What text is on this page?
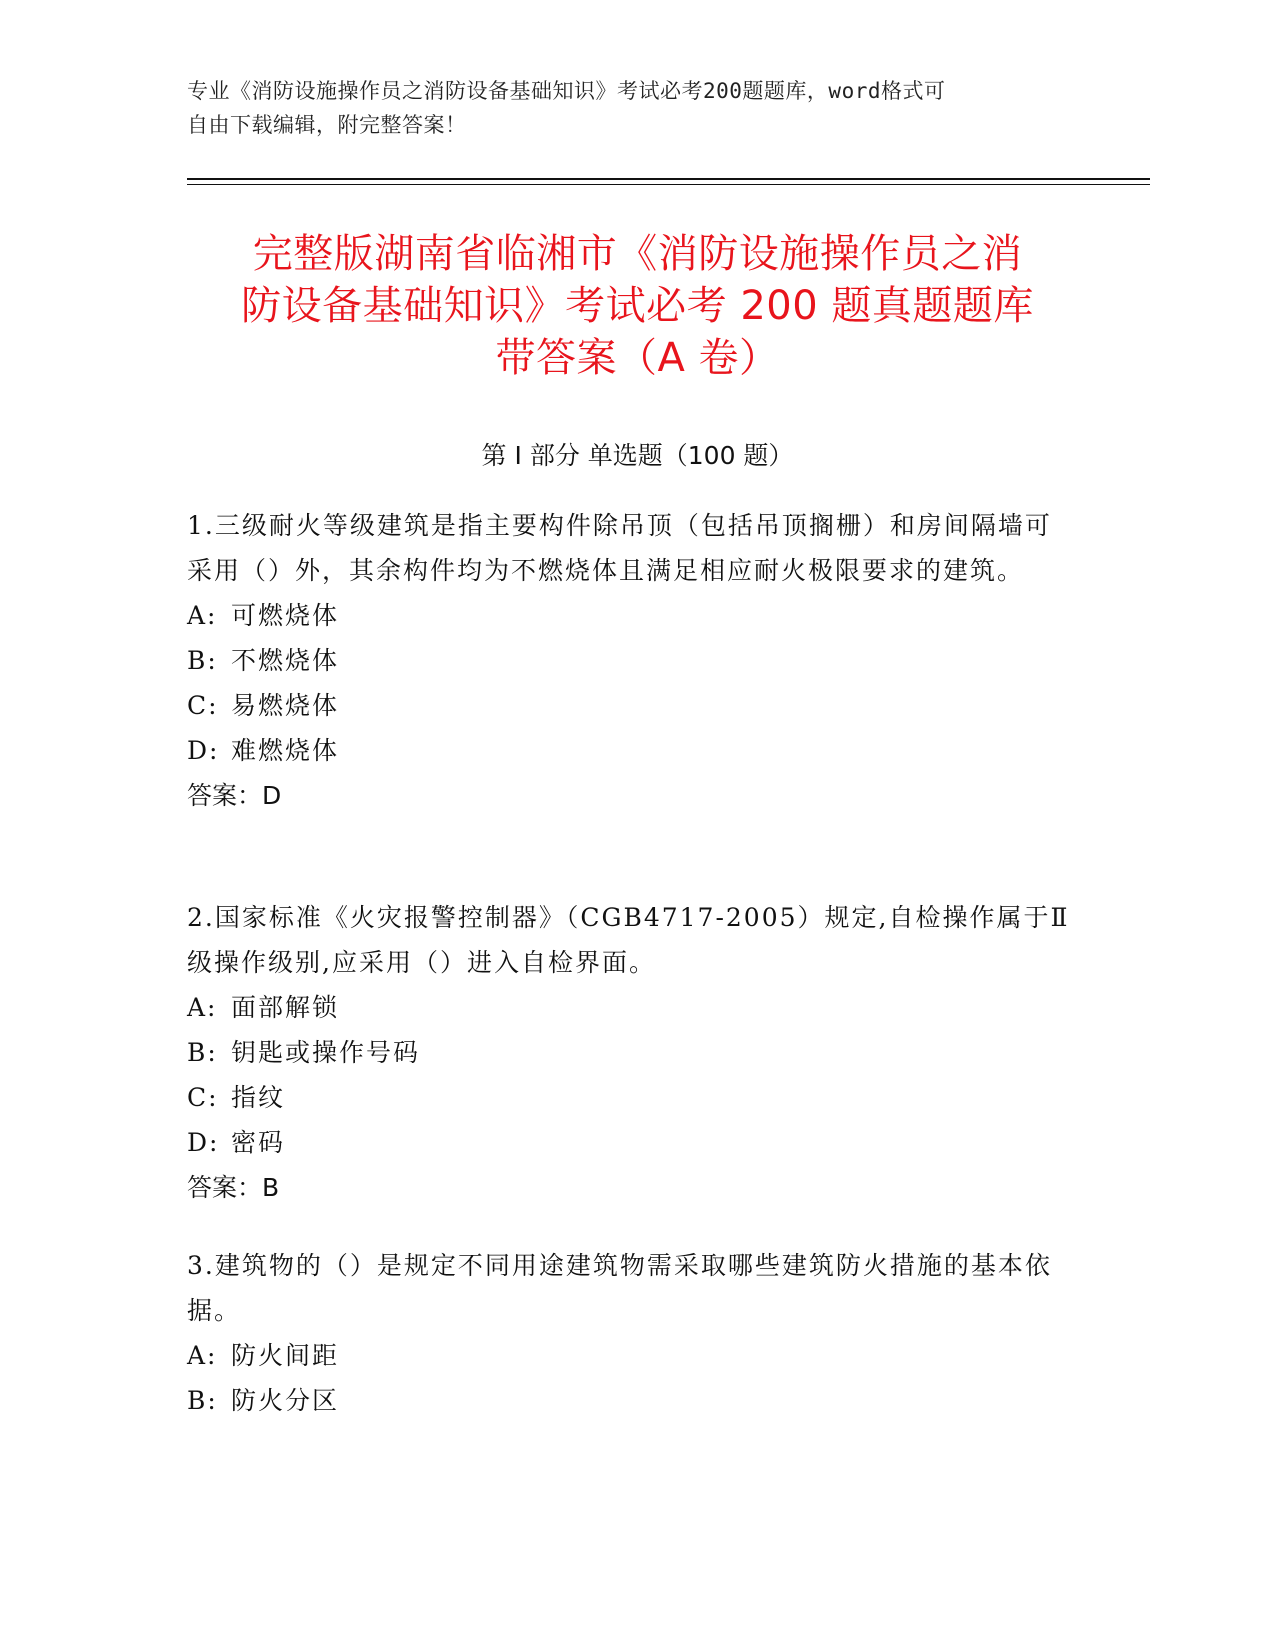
专业《消防设施操作员之消防设备基础知识》考试必考200题题库，word格式可
自由下载编辑，附完整答案！
完整版湖南省临湘市《消防设施操作员之消
防设备基础知识》考试必考 200 题真题题库
带答案（A 卷）
第 I 部分 单选题（100 题）

1.三级耐火等级建筑是指主要构件除吊顶（包括吊顶搁栅）和房间隔墙可采用（）外，其余构件均为不燃烧体且满足相应耐火极限要求的建筑。

A: 可燃烧体

B: 不燃烧体

C: 易燃烧体

D: 难燃烧体

答案：D

2.国家标准《火灾报警控制器》（CGB4717-2005）规定,自检操作属于Ⅱ级操作级别,应采用（）进入自检界面。

A: 面部解锁

B: 钥匙或操作号码

C: 指纹

D: 密码

答案：B

3.建筑物的（）是规定不同用途建筑物需采取哪些建筑防火措施的基本依据。

A: 防火间距

B: 防火分区
